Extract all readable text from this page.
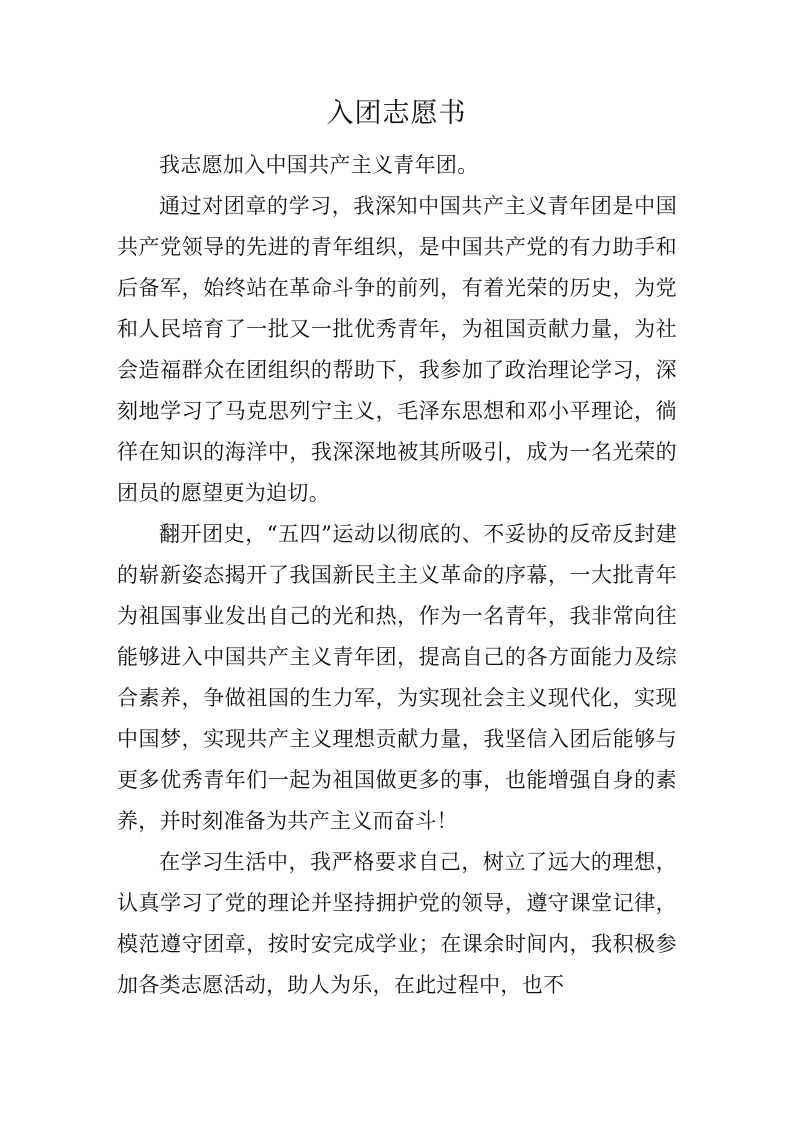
入团志愿书

我志愿加入中国共产主义青年团。

通过对团章的学习，我深知中国共产主义青年团是中国共产党领导的先进的青年组织，是中国共产党的有力助手和后备军，始终站在革命斗争的前列，有着光荣的历史，为党和人民培育了一批又一批优秀青年，为祖国贡献力量，为社会造福群众在团组织的帮助下，我参加了政治理论学习，深刻地学习了马克思列宁主义，毛泽东思想和邓小平理论，徜徉在知识的海洋中，我深深地被其所吸引，成为一名光荣的团员的愿望更为迫切。

翻开团史，“五四”运动以彻底的、不妥协的反帝反封建的崭新姿态揭开了我国新民主主义革命的序幕，一大批青年为祖国事业发出自己的光和热，作为一名青年，我非常向往能够进入中国共产主义青年团，提高自己的各方面能力及综合素养，争做祖国的生力军，为实现社会主义现代化，实现中国梦，实现共产主义理想贡献力量，我坚信入团后能够与更多优秀青年们一起为祖国做更多的事，也能增强自身的素养，并时刻准备为共产主义而奋斗！

在学习生活中，我严格要求自己，树立了远大的理想，认真学习了党的理论并坚持拥护党的领导，遵守课堂记律，模范遵守团章，按时安完成学业；在课余时间内，我积极参加各类志愿活动，助人为乐，在此过程中，也不
